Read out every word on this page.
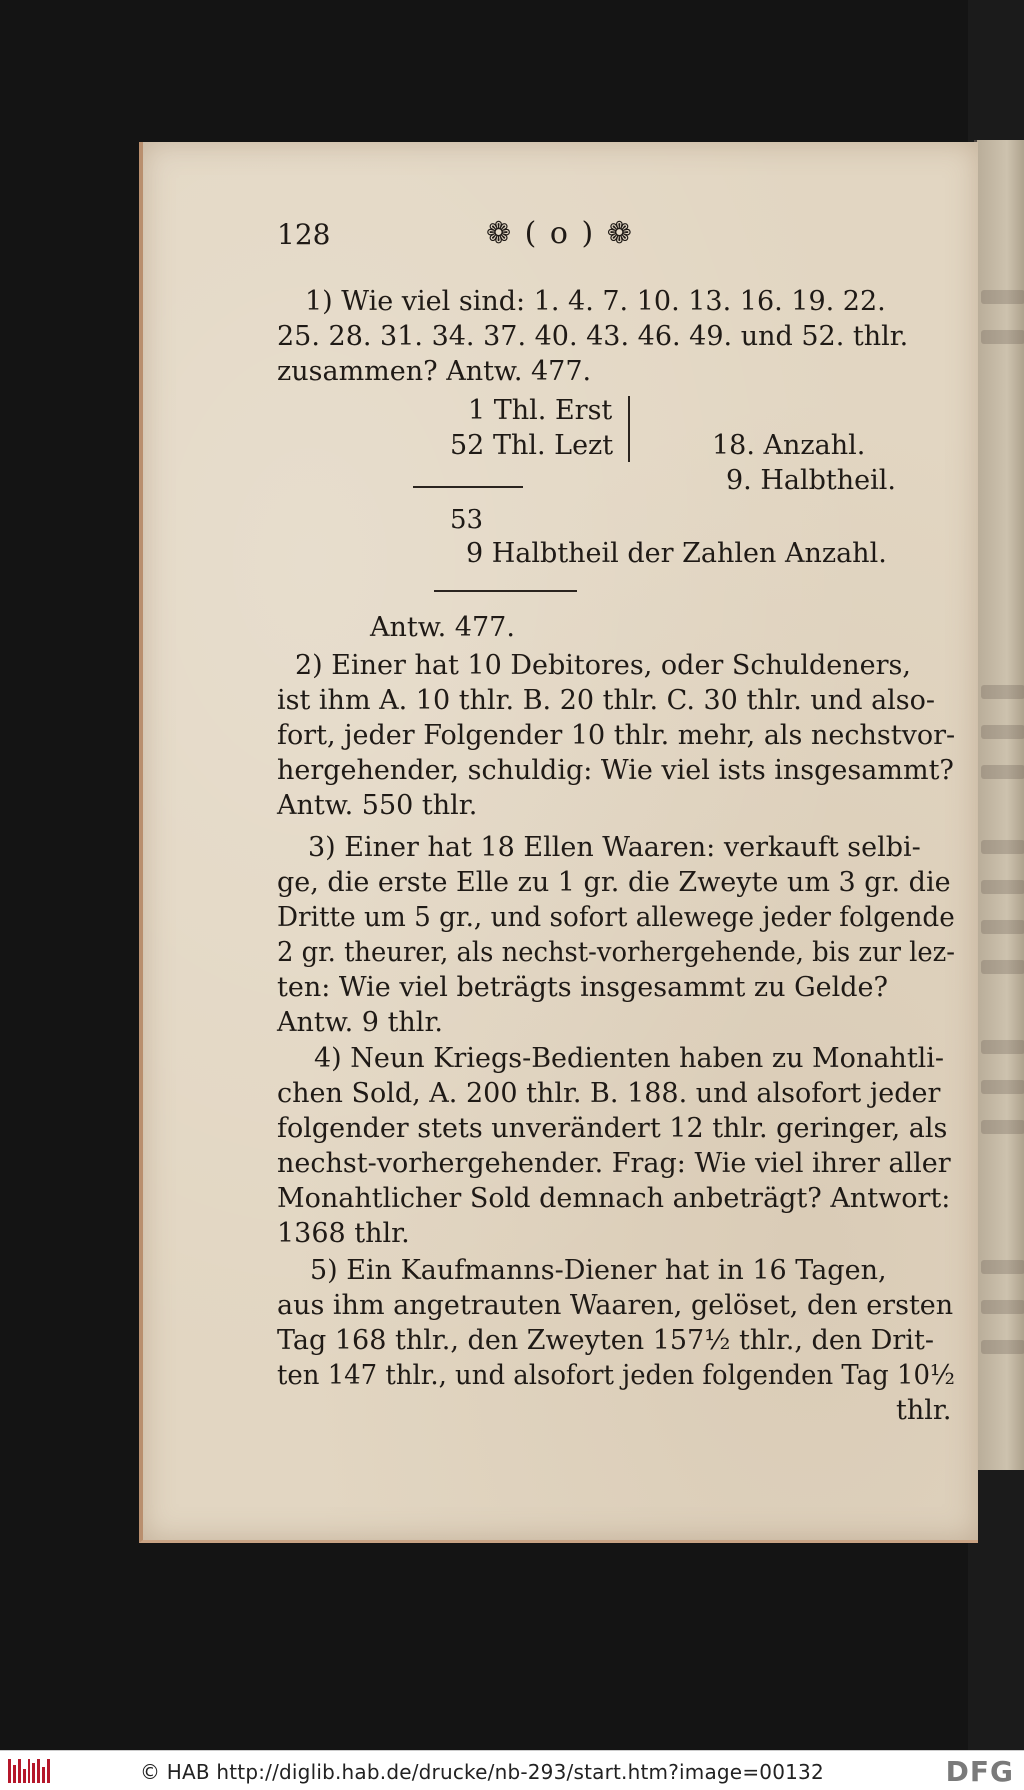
128	❁ ( o ) ❁
1) Wie viel sind: 1. 4. 7. 10. 13. 16. 19. 22.
25. 28. 31. 34. 37. 40. 43. 46. 49. und 52. thlr.
zusammen? Antw. 477.
1 Thl. Erst
52 Thl. Lezt	18. Anzahl.
9. Halbtheil.
53
9 Halbtheil der Zahlen Anzahl.
Antw. 477.
2) Einer hat 10 Debitores, oder Schuldeners,
ist ihm A. 10 thlr. B. 20 thlr. C. 30 thlr. und also-
fort, jeder Folgender 10 thlr. mehr, als nechstvor-
hergehender, schuldig: Wie viel ists insgesammt?
Antw. 550 thlr.
3) Einer hat 18 Ellen Waaren: verkauft selbi-
ge, die erste Elle zu 1 gr. die Zweyte um 3 gr. die
Dritte um 5 gr., und sofort allewege jeder folgende
2 gr. theurer, als nechst-vorhergehende, bis zur lez-
ten: Wie viel beträgts insgesammt zu Gelde?
Antw. 9 thlr.
4) Neun Kriegs-Bedienten haben zu Monahtli-
chen Sold, A. 200 thlr. B. 188. und alsofort jeder
folgender stets unverändert 12 thlr. geringer, als
nechst-vorhergehender. Frag: Wie viel ihrer aller
Monahtlicher Sold demnach anbeträgt? Antwort:
1368 thlr.
5) Ein Kaufmanns-Diener hat in 16 Tagen,
aus ihm angetrauten Waaren, gelöset, den ersten
Tag 168 thlr., den Zweyten 157½ thlr., den Drit-
ten 147 thlr., und alsofort jeden folgenden Tag 10½
thlr.
© HAB http://diglib.hab.de/drucke/nb-293/start.htm?image=00132	DFG
